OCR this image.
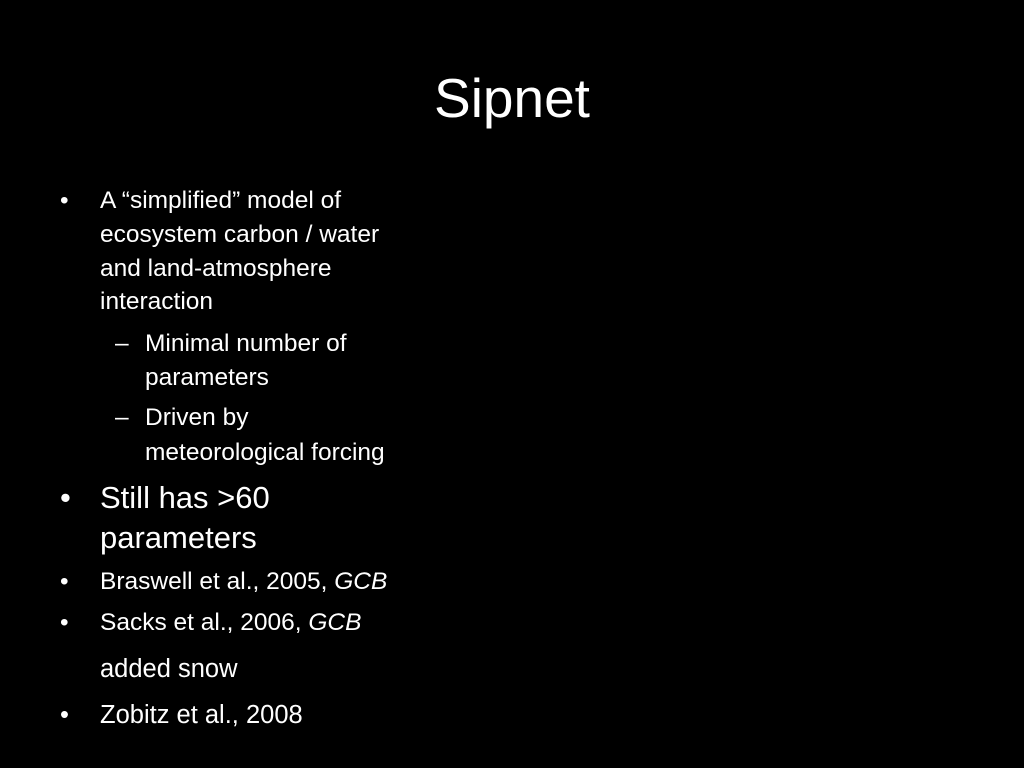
Sipnet
• A “simplified” model of
ecosystem carbon / water
and land-atmosphere
interaction
– Minimal number of
parameters
– Driven by
meteorological forcing
• Still has >60
parameters
• Braswell et al., 2005, GCB
• Sacks et al., 2006, GCB
added snow
• Zobitz et al., 2008
